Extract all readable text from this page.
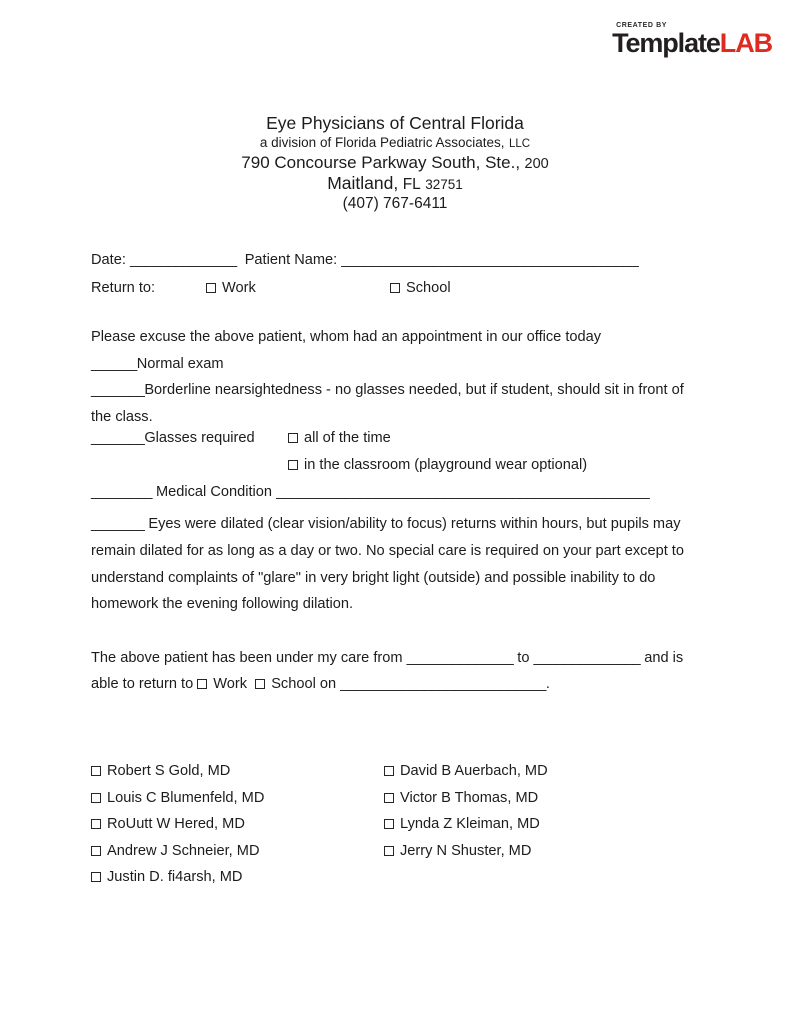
CREATED BY
TemplateLAB
Eye Physicians of Central Florida
a division of Florida Pediatric Associates, LLC
790 Concourse Parkway South, Ste., 200
Maitland, FL 32751
(407) 767-6411
Date: ______________ Patient Name: _______________________________________
Return to:	Work	School
Please excuse the above patient, whom had an appointment in our office today
______Normal exam
_______Borderline nearsightedness - no glasses needed, but if student, should sit in front of the class.
_______Glasses required	all of the time
in the classroom (playground wear optional)
________ Medical Condition _________________________________________________
_______ Eyes were dilated (clear vision/ability to focus) returns within hours, but pupils may remain dilated for as long as a day or two. No special care is required on your part except to understand complaints of "glare" in very bright light (outside) and possible inability to do homework the evening following dilation.
The above patient has been under my care from ______________ to ______________ and is able to return to Work School on ___________________________.
Robert S Gold, MD	David B Auerbach, MD
Louis C Blumenfeld, MD	Victor B Thomas, MD
RoUutt W Hered, MD	Lynda Z Kleiman, MD
Andrew J Schneier, MD	Jerry N Shuster, MD
Justin D. fi4arsh, MD
